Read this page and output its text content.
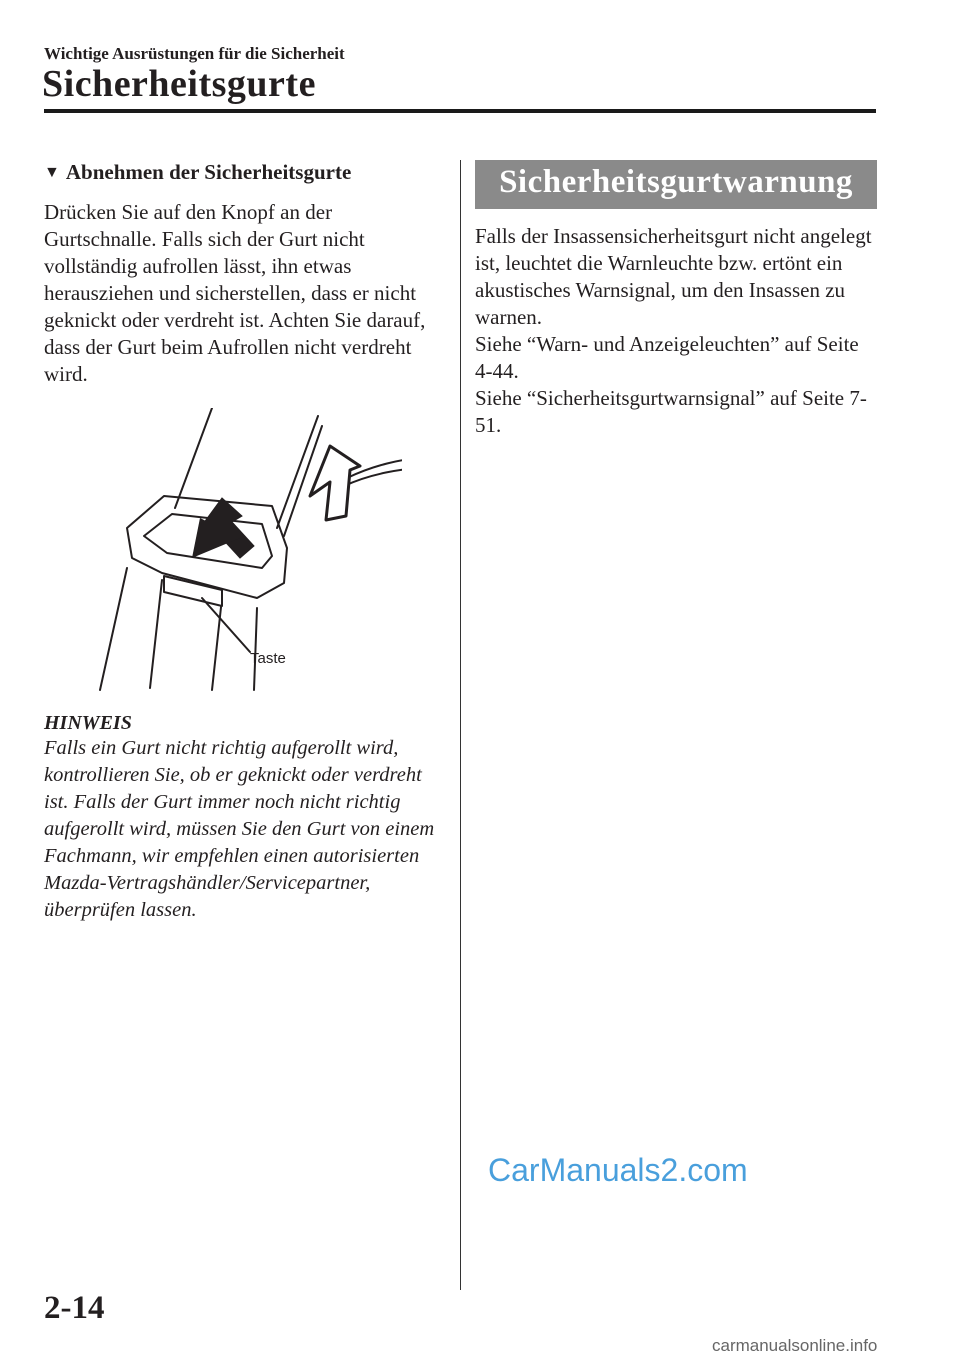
Wichtige Ausrüstungen für die Sicherheit
Sicherheitsgurte
▼ Abnehmen der Sicherheitsgurte

Drücken Sie auf den Knopf an der Gurtschnalle. Falls sich der Gurt nicht vollständig aufrollen lässt, ihn etwas herausziehen und sicherstellen, dass er nicht geknickt oder verdreht ist. Achten Sie darauf, dass der Gurt beim Aufrollen nicht verdreht wird.

Taste

HINWEIS

Falls ein Gurt nicht richtig aufgerollt wird, kontrollieren Sie, ob er geknickt oder verdreht ist. Falls der Gurt immer noch nicht richtig aufgerollt wird, müssen Sie den Gurt von einem Fachmann, wir empfehlen einen autorisierten Mazda-Vertragshändler/Servicepartner, überprüfen lassen.

Sicherheitsgurtwarnung

Falls der Insassensicherheitsgurt nicht angelegt ist, leuchtet die Warnleuchte bzw. ertönt ein akustisches Warnsignal, um den Insassen zu warnen.

Siehe “Warn- und Anzeigeleuchten” auf Seite 4-44.

Siehe “Sicherheitsgurtwarnsignal” auf Seite 7-51.

2-14
CarManuals2.com
carmanualsonline.info
